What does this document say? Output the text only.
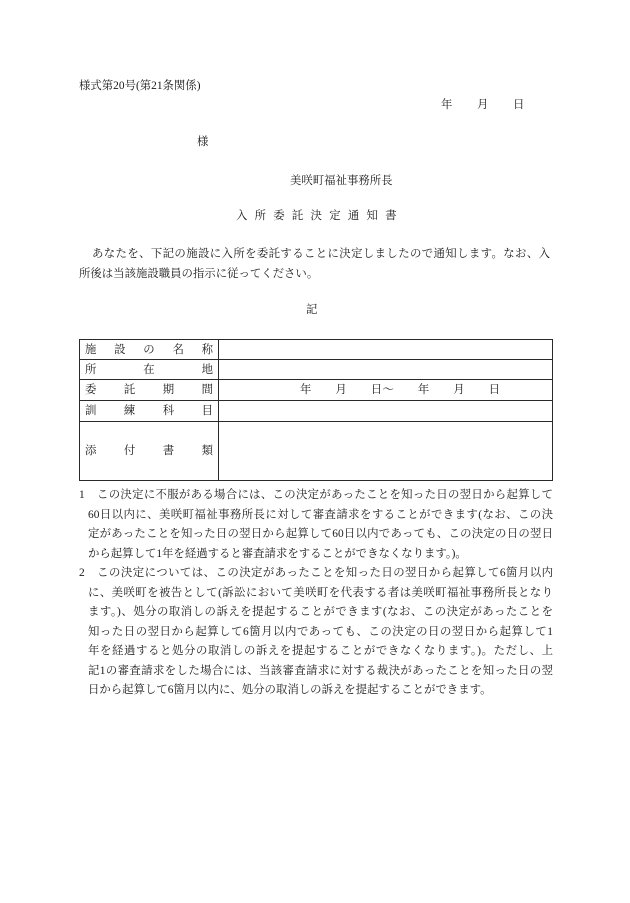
様式第20号(第21条関係)
年　　月　　日
様
美咲町福祉事務所長
入 所 委 託 決 定 通 知 書
あなたを、下記の施設に入所を委託することに決定しましたので通知します。なお、入
所後は当該施設職員の指示に従ってください。
記
施　設　の　名　称	

所　　在　　地	

委　託　期　間	年　　月　　日～　　年　　月　　日

訓　練　科　目	

添　付　書　類	

1 この決定に不服がある場合には、この決定があったことを知った日の翌日から起算して
60日以内に、美咲町福祉事務所長に対して審査請求をすることができます(なお、この決
定があったことを知った日の翌日から起算して60日以内であっても、この決定の日の翌日
から起算して1年を経過すると審査請求をすることができなくなります。)。
2 この決定については、この決定があったことを知った日の翌日から起算して6箇月以内
に、美咲町を被告として(訴訟において美咲町を代表する者は美咲町福祉事務所長となり
ます。)、処分の取消しの訴えを提起することができます(なお、この決定があったことを
知った日の翌日から起算して6箇月以内であっても、この決定の日の翌日から起算して1
年を経過すると処分の取消しの訴えを提起することができなくなります。)。ただし、上
記1の審査請求をした場合には、当該審査請求に対する裁決があったことを知った日の翌
日から起算して6箇月以内に、処分の取消しの訴えを提起することができます。
